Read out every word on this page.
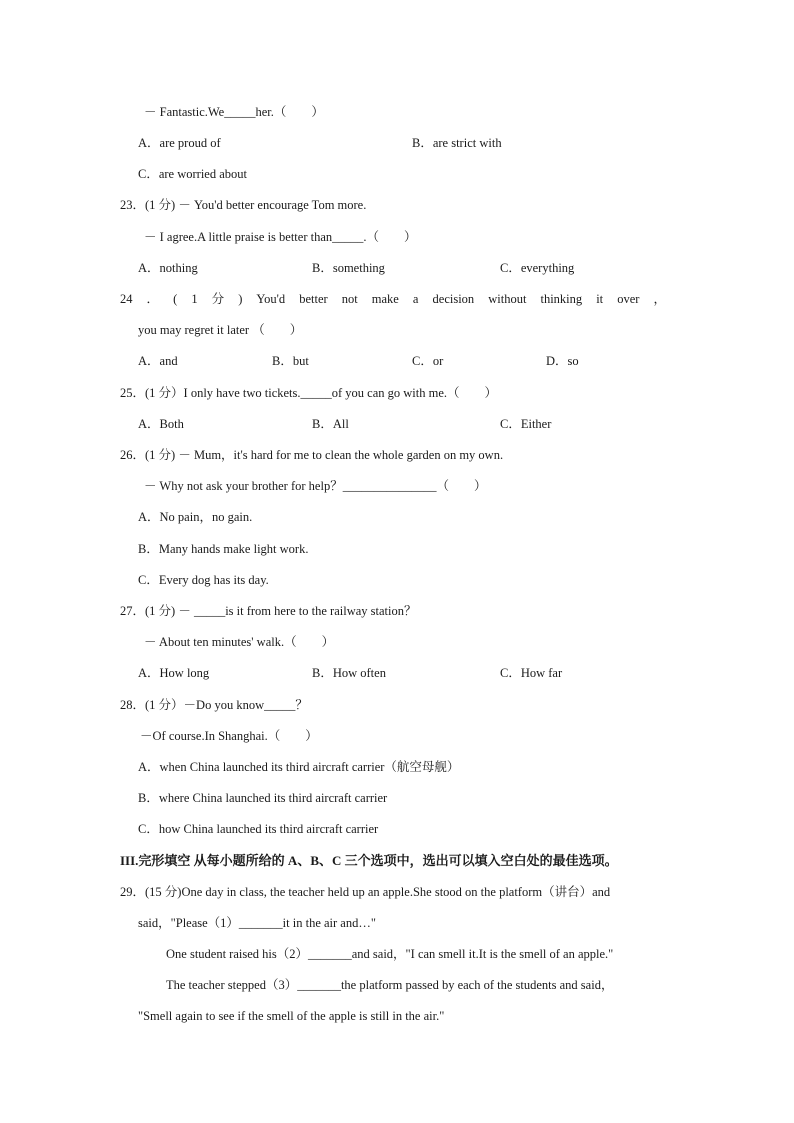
－ Fantastic.We_____her.（　　）
A．are proud of	B．are strict with
C．are worried about
23．(1 分) － You'd better encourage Tom more.
－ I agree.A little praise is better than_____.（　　）
A．nothing	B．something	C．everything
24 ． ( 1 分 ) You'd better not make a decision without thinking it over ，
you may regret it later （　　）
A．and	B．but	C．or	D．so
25．(1 分）I only have two tickets._____of you can go with me.（　　）
A．Both	B．All	C．Either
26．(1 分) － Mum，it's hard for me to clean the whole garden on my own.
－ Why not ask your brother for help？_______________（　　）
A．No pain，no gain.
B．Many hands make light work.
C．Every dog has its day.
27．(1 分) － _____is it from here to the railway station？
－ About ten minutes' walk.（　　）
A．How long	B．How often	C．How far
28．(1 分）－Do you know_____？
－Of course.In Shanghai.（　　）
A．when China launched its third aircraft carrier（航空母舰）
B．where China launched its third aircraft carrier
C．how China launched its third aircraft carrier
III.完形填空 从每小题所给的 A、B、C 三个选项中，选出可以填入空白处的最佳选项。
29．(15 分)One day in class, the teacher held up an apple.She stood on the platform（讲台）and
said，"Please（1）_______it in the air and…"
One student raised his（2）_______and said，"I can smell it.It is the smell of an apple."
The teacher stepped（3）_______the platform passed by each of the students and said，
"Smell again to see if the smell of the apple is still in the air."
